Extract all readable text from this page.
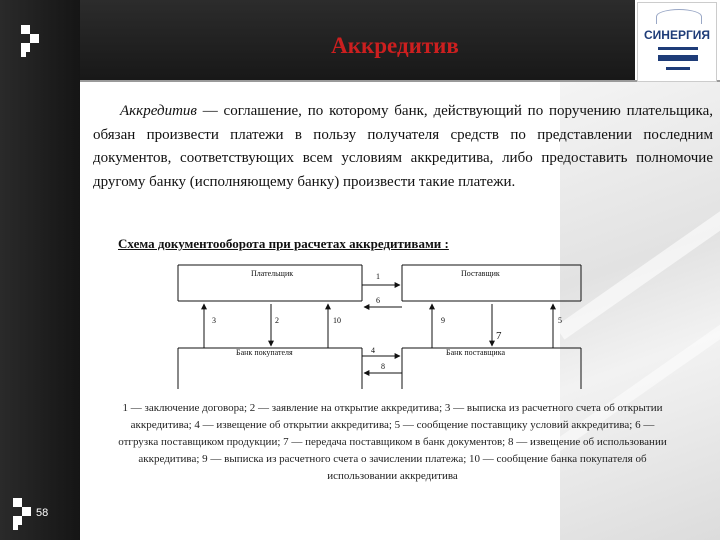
Аккредитив	СИНЕРГИЯ
Аккредитив — соглашение, по которому банк, действующий по поручению плательщика, обязан произвести платежи в пользу получателя средств по представлении последним документов, соответствующих всем условиям аккредитива, либо предоставить полномочие другому банку (исполняющему банку) произвести такие платежи.
Схема документооборота при расчетах аккредитивами :
Плательщик	Поставщик
Банк покупателя	Банк поставщика
1
6
3	2	10	9	5
7
4
8
1 — заключение договора; 2 — заявление на открытие аккредитива; 3 — выписка из расчетного счета об открытии аккредитива; 4 — извещение об открытии аккредитива; 5 — сообщение поставщику условий аккредитива; 6 — отгрузка поставщиком продукции; 7 — передача поставщиком в банк документов; 8 — извещение об использовании аккредитива; 9 — выписка из расчетного счета о зачислении платежа; 10 — сообщение банка покупателя об использовании аккредитива
58
